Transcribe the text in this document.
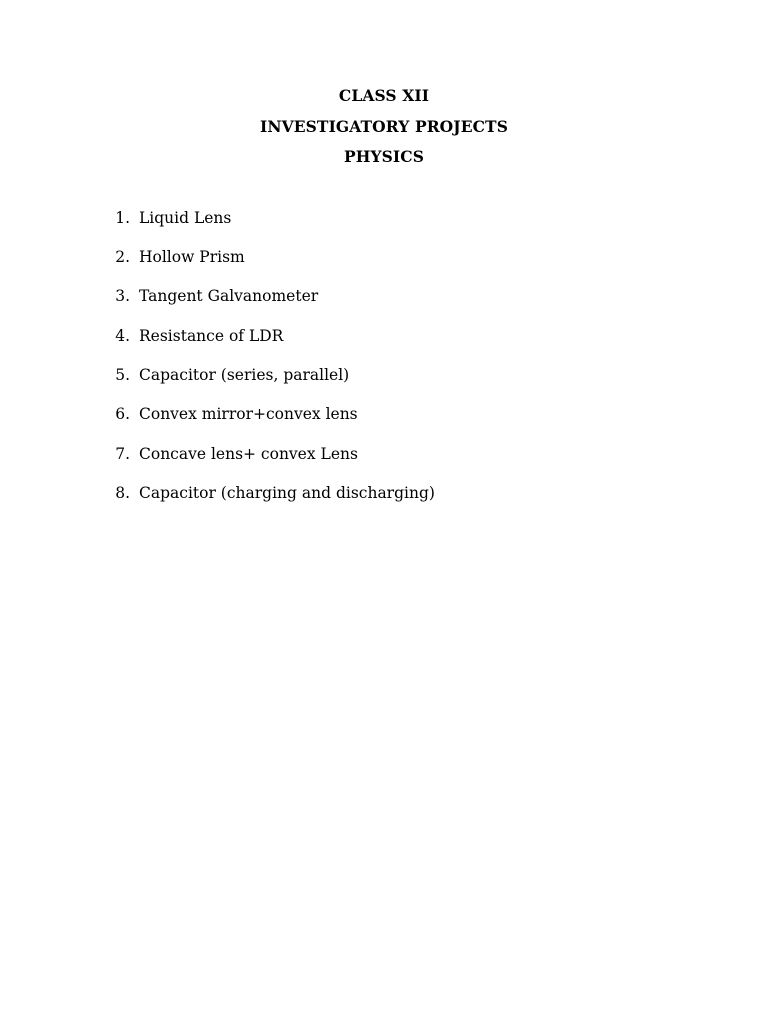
CLASS XII
INVESTIGATORY PROJECTS
PHYSICS
1. Liquid Lens
2. Hollow Prism
3. Tangent Galvanometer
4. Resistance of LDR
5. Capacitor (series, parallel)
6. Convex mirror+convex lens
7. Concave lens+ convex Lens
8. Capacitor (charging and discharging)
